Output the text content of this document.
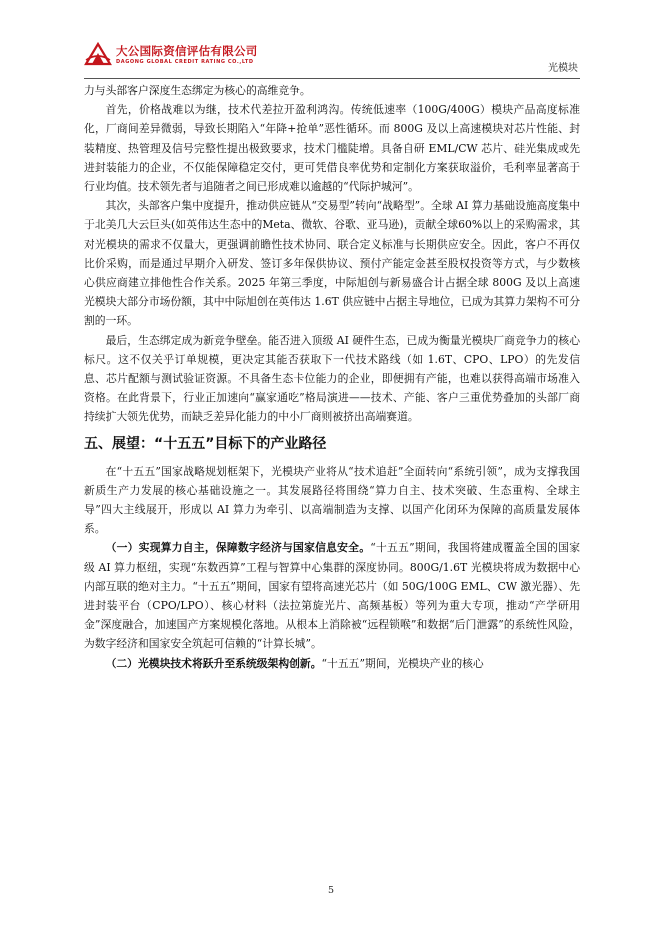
大公国际资信评估有限公司
DAGONG GLOBAL CREDIT RATING CO.,LTD
光模块

力与头部客户深度生态绑定为核心的高维竞争。

首先，价格战难以为继，技术代差拉开盈利鸿沟。传统低速率（100G/400G）模块产品高度标准化，厂商间差异微弱，导致长期陷入“年降+抢单”恶性循环。而 800G 及以上高速模块对芯片性能、封装精度、热管理及信号完整性提出极致要求，技术门槛陡增。具备自研 EML/CW 芯片、硅光集成或先进封装能力的企业，不仅能保障稳定交付，更可凭借良率优势和定制化方案获取溢价，毛利率显著高于行业均值。技术领先者与追随者之间已形成难以逾越的“代际护城河”。

其次，头部客户集中度提升，推动供应链从“交易型”转向“战略型”。全球 AI 算力基础设施高度集中于北美几大云巨头(如英伟达生态中的Meta、微软、谷歌、亚马逊)，贡献全球60%以上的采购需求，其对光模块的需求不仅量大，更强调前瞻性技术协同、联合定义标准与长期供应安全。因此，客户不再仅比价采购，而是通过早期介入研发、签订多年保供协议、预付产能定金甚至股权投资等方式，与少数核心供应商建立排他性合作关系。2025 年第三季度，中际旭创与新易盛合计占据全球 800G 及以上高速光模块大部分市场份额，其中中际旭创在英伟达 1.6T 供应链中占据主导地位，已成为其算力架构不可分割的一环。

最后，生态绑定成为新竞争壁垒。能否进入顶级 AI 硬件生态，已成为衡量光模块厂商竞争力的核心标尺。这不仅关乎订单规模，更决定其能否获取下一代技术路线（如 1.6T、CPO、LPO）的先发信息、芯片配额与测试验证资源。不具备生态卡位能力的企业，即便拥有产能，也难以获得高端市场准入资格。在此背景下，行业正加速向“赢家通吃”格局演进——技术、产能、客户三重优势叠加的头部厂商持续扩大领先优势，而缺乏差异化能力的中小厂商则被挤出高端赛道。

五、展望：“十五五”目标下的产业路径

在“十五五”国家战略规划框架下，光模块产业将从“技术追赶”全面转向“系统引领”，成为支撑我国新质生产力发展的核心基础设施之一。其发展路径将围绕“算力自主、技术突破、生态重构、全球主导”四大主线展开，形成以 AI 算力为牵引、以高端制造为支撑、以国产化闭环为保障的高质量发展体系。

（一）实现算力自主，保障数字经济与国家信息安全。“十五五”期间，我国将建成覆盖全国的国家级 AI 算力枢纽，实现“东数西算”工程与智算中心集群的深度协同。800G/1.6T 光模块将成为数据中心内部互联的绝对主力。“十五五”期间，国家有望将高速光芯片（如 50G/100G EML、CW 激光器）、先进封装平台（CPO/LPO）、核心材料（法拉第旋光片、高频基板）等列为重大专项，推动“产学研用金”深度融合，加速国产方案规模化落地。从根本上消除被“远程锁喉”和数据“后门泄露”的系统性风险，为数字经济和国家安全筑起可信赖的“计算长城”。

（二）光模块技术将跃升至系统级架构创新。“十五五”期间，光模块产业的核心

5
